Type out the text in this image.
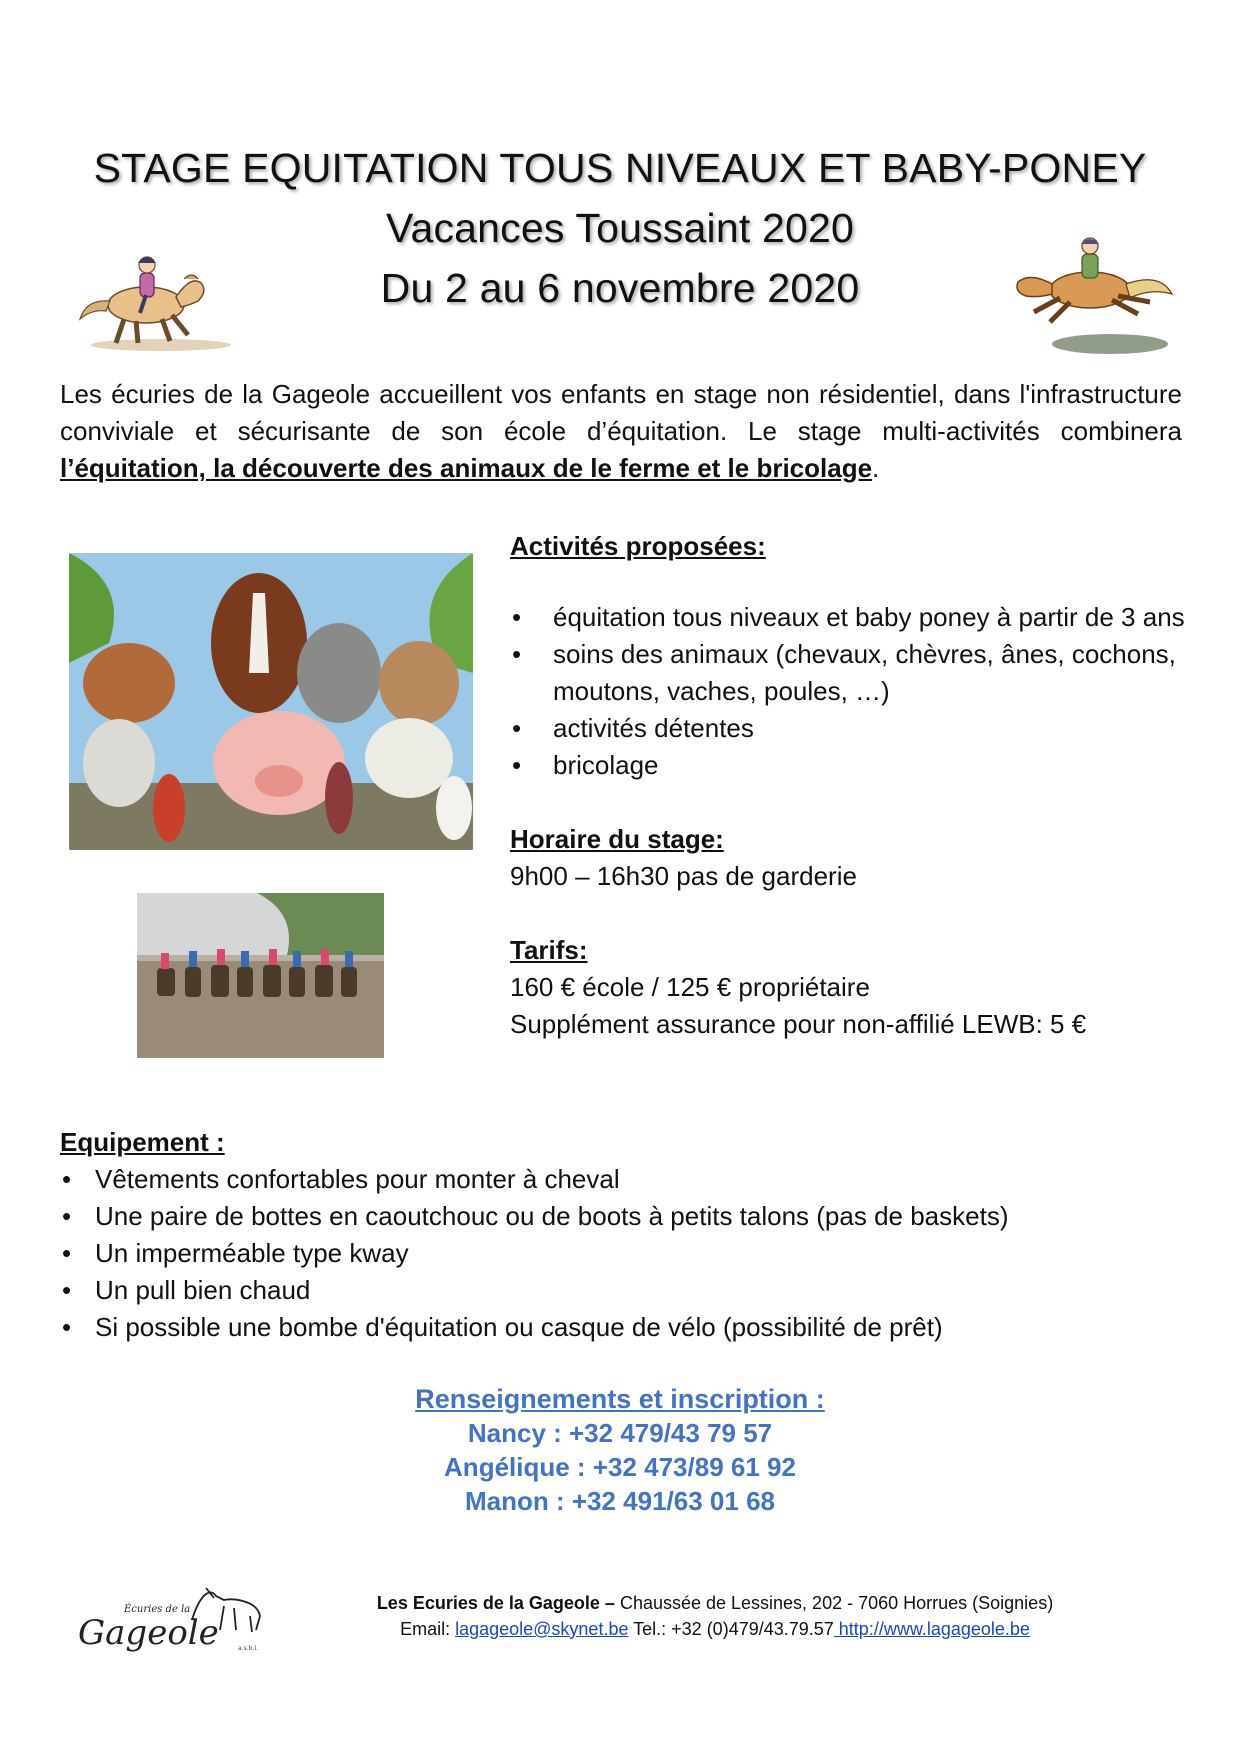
STAGE EQUITATION TOUS NIVEAUX ET BABY-PONEY
Vacances Toussaint 2020
Du 2 au 6 novembre 2020

Les écuries de la Gageole accueillent vos enfants en stage non résidentiel, dans l'infrastructure conviviale et sécurisante de son école d’équitation. Le stage multi-activités combinera l’équitation, la découverte des animaux de le ferme et le bricolage.

Activités proposées:
• équitation tous niveaux et baby poney à partir de 3 ans
• soins des animaux (chevaux, chèvres, ânes, cochons, moutons, vaches, poules, …)
• activités détentes
• bricolage
Horaire du stage:
9h00 – 16h30 pas de garderie
Tarifs:
160 € école / 125 € propriétaire
Supplément assurance pour non-affilié LEWB: 5 €
Equipement :
• Vêtements confortables pour monter à cheval
• Une paire de bottes en caoutchouc ou de boots à petits talons (pas de baskets)
• Un imperméable type kway
• Un pull bien chaud
• Si possible une bombe d'équitation ou casque de vélo (possibilité de prêt)
Renseignements et inscription :
Nancy : +32 479/43 79 57
Angélique : +32 473/89 61 92
Manon : +32 491/63 01 68
Écuries de la
Gageole	a.s.b.l.
Les Ecuries de la Gageole – Chaussée de Lessines, 202 - 7060 Horrues (Soignies)
Email: lagageole@skynet.be Tel.: +32 (0)479/43.79.57 http://www.lagageole.be
